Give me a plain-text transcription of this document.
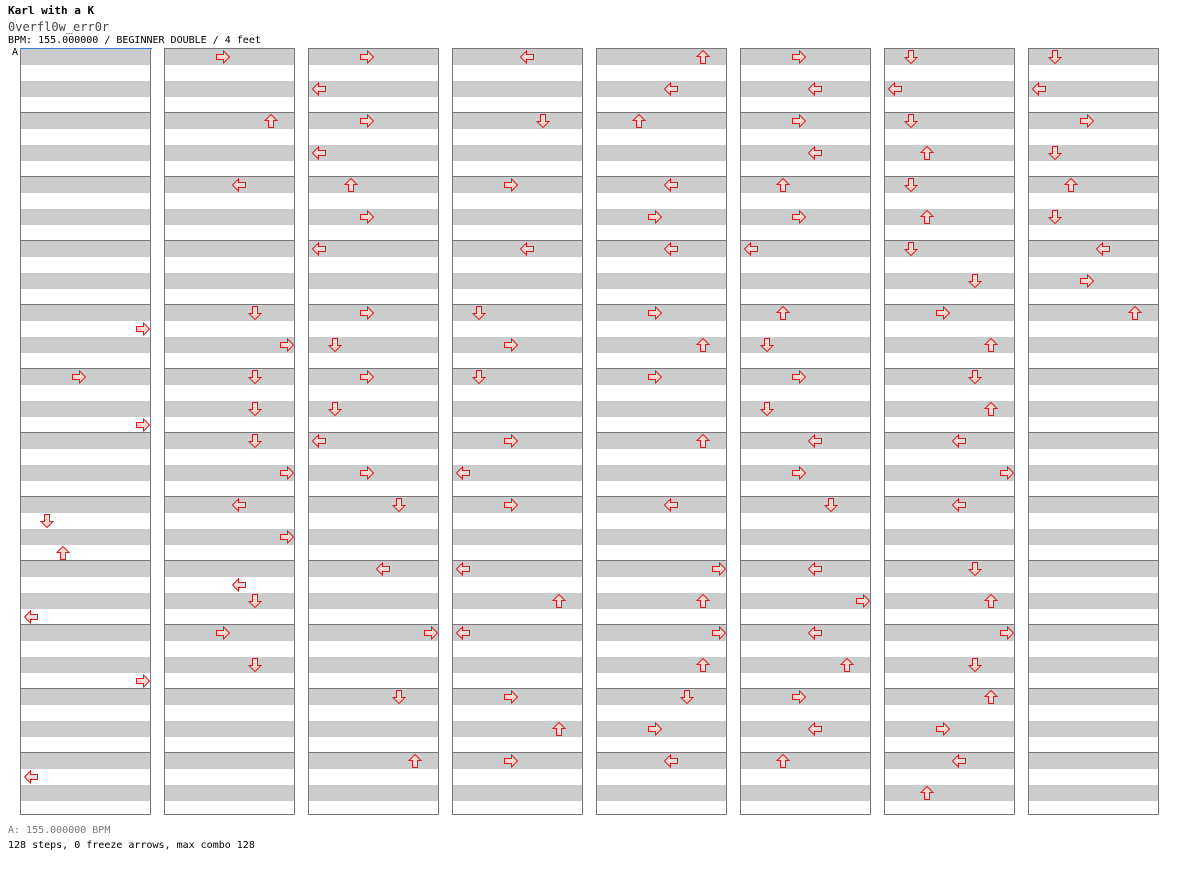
Karl with a K
0verfl0w_err0r
BPM: 155.000000 / BEGINNER DOUBLE / 4 feet
A
A: 155.000000 BPM
128 steps, 0 freeze arrows, max combo 128
